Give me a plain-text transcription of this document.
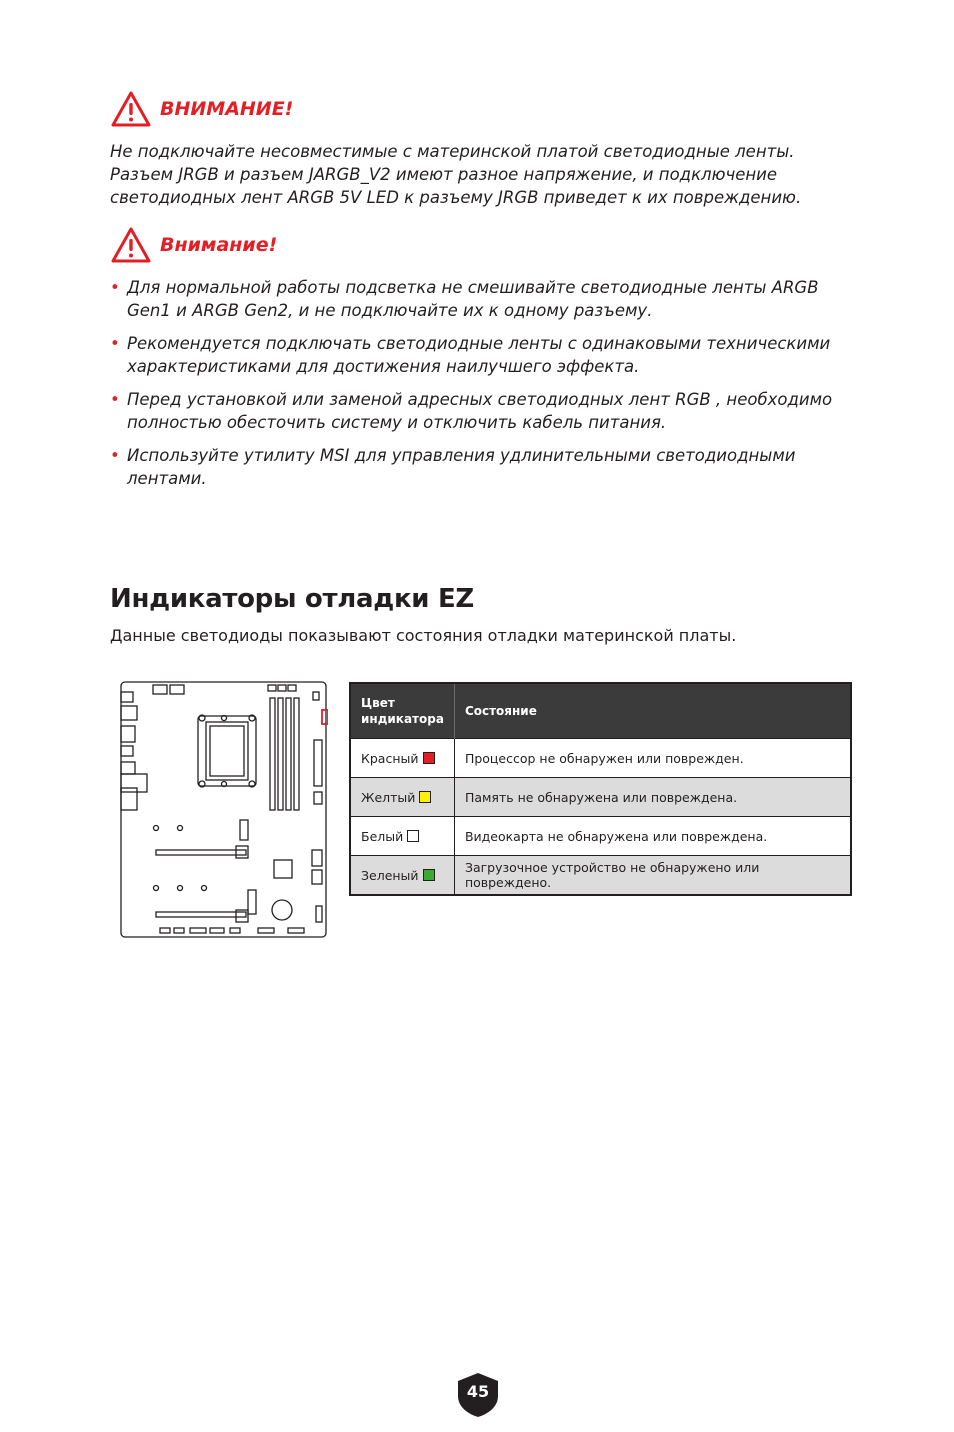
ВНИМАНИЕ!

Не подключайте несовместимые с материнской платой светодиодные ленты. Разъем JRGB и разъем JARGB_V2 имеют разное напряжение, и подключение светодиодных лент ARGB 5V LED к разъему JRGB приведет к их повреждению.

Внимание!
• Для нормальной работы подсветка не смешивайте светодиодные ленты ARGB Gen1 и ARGB Gen2, и не подключайте их к одному разъему.
• Рекомендуется подключать светодиодные ленты с одинаковыми техническими характеристиками для достижения наилучшего эффекта.
• Перед установкой или заменой адресных светодиодных лент RGB , необходимо полностью обесточить систему и отключить кабель питания.
• Используйте утилиту MSI для управления удлинительными светодиодными лентами.
Индикаторы отладки EZ

Данные светодиоды показывают состояния отладки материнской платы.

Цвет индикатора	Состояние
Красный	Процессор не обнаружен или поврежден.
Желтый	Память не обнаружена или повреждена.
Белый	Видеокарта не обнаружена или повреждена.
Зеленый	Загрузочное устройство не обнаружено или повреждено.
45
